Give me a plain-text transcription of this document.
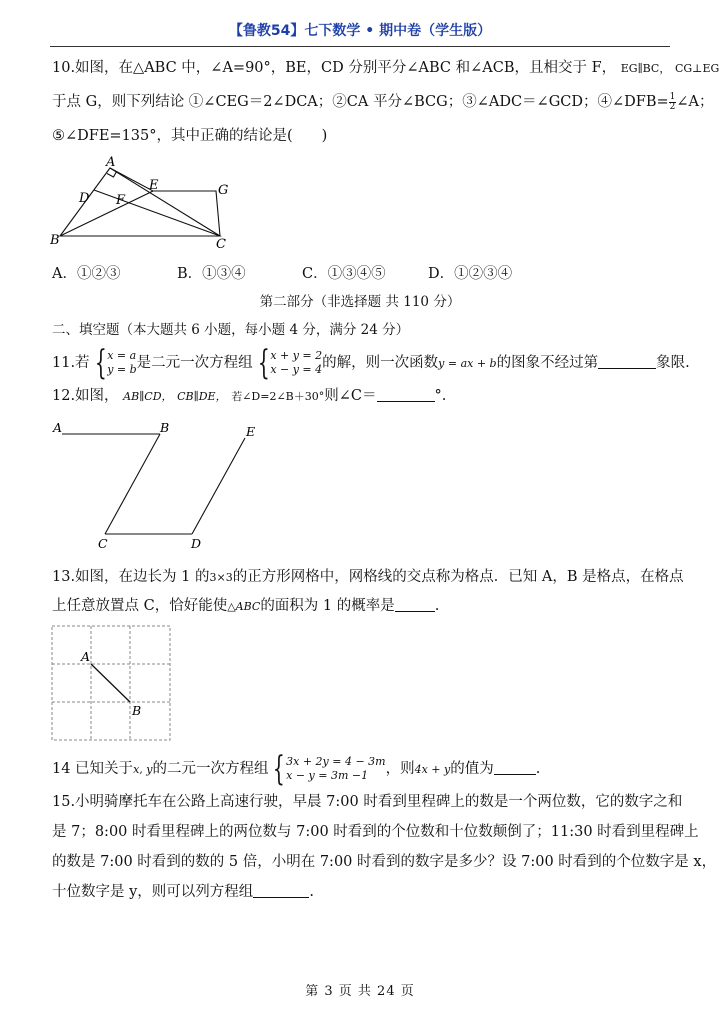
【鲁教54】七下数学 • 期中卷（学生版）
10.如图，在△ABC 中，∠A=90°，BE，CD 分别平分∠ABC 和∠ACB，且相交于 F， EG∥BC， CG⊥EG
于点 G，则下列结论 ①∠CEG＝2∠DCA；②CA 平分∠BCG；③∠ADC＝∠GCD；④∠DFB= $\frac{1}{2}$ ∠A；
⑤∠DFE=135°，其中正确的结论是(　　)
A
B	C
D
E
F
G
A．①②③	B．①③④	C．①③④⑤	D．①②③④
第二部分（非选择题 共 110 分）
二、填空题（本大题共 6 小题，每小题 4 分，满分 24 分）
11.若 { x = a
y = b 是二元一次方程组 { x + y = 2
x − y = 4 的解，则一次函数y = ax + b的图象不经过第	象限.
12.如图， AB∥CD， CB∥DE， 若∠D=2∠B＋30°则∠C＝	°.
A	B
C	D
E
13.如图，在边长为 1 的3×3的正方形网格中，网格线的交点称为格点．已知 A，B 是格点，在格点
上任意放置点 C，恰好能使△ABC的面积为 1 的概率是	.
A
B
14 已知关于x, y的二元一次方程组 { 3x + 2y = 4 − 3m
x − y = 3m −1	，则4x + y的值为	.
15.小明骑摩托车在公路上高速行驶，早晨 7:00 时看到里程碑上的数是一个两位数，它的数字之和
是 7；8:00 时看里程碑上的两位数与 7:00 时看到的个位数和十位数颠倒了；11:30 时看到里程碑上
的数是 7:00 时看到的数的 5 倍，小明在 7:00 时看到的数字是多少？设 7:00 时看到的个位数字是 x，
十位数字是 y，则可以列方程组	.
第 3 页 共 24 页
